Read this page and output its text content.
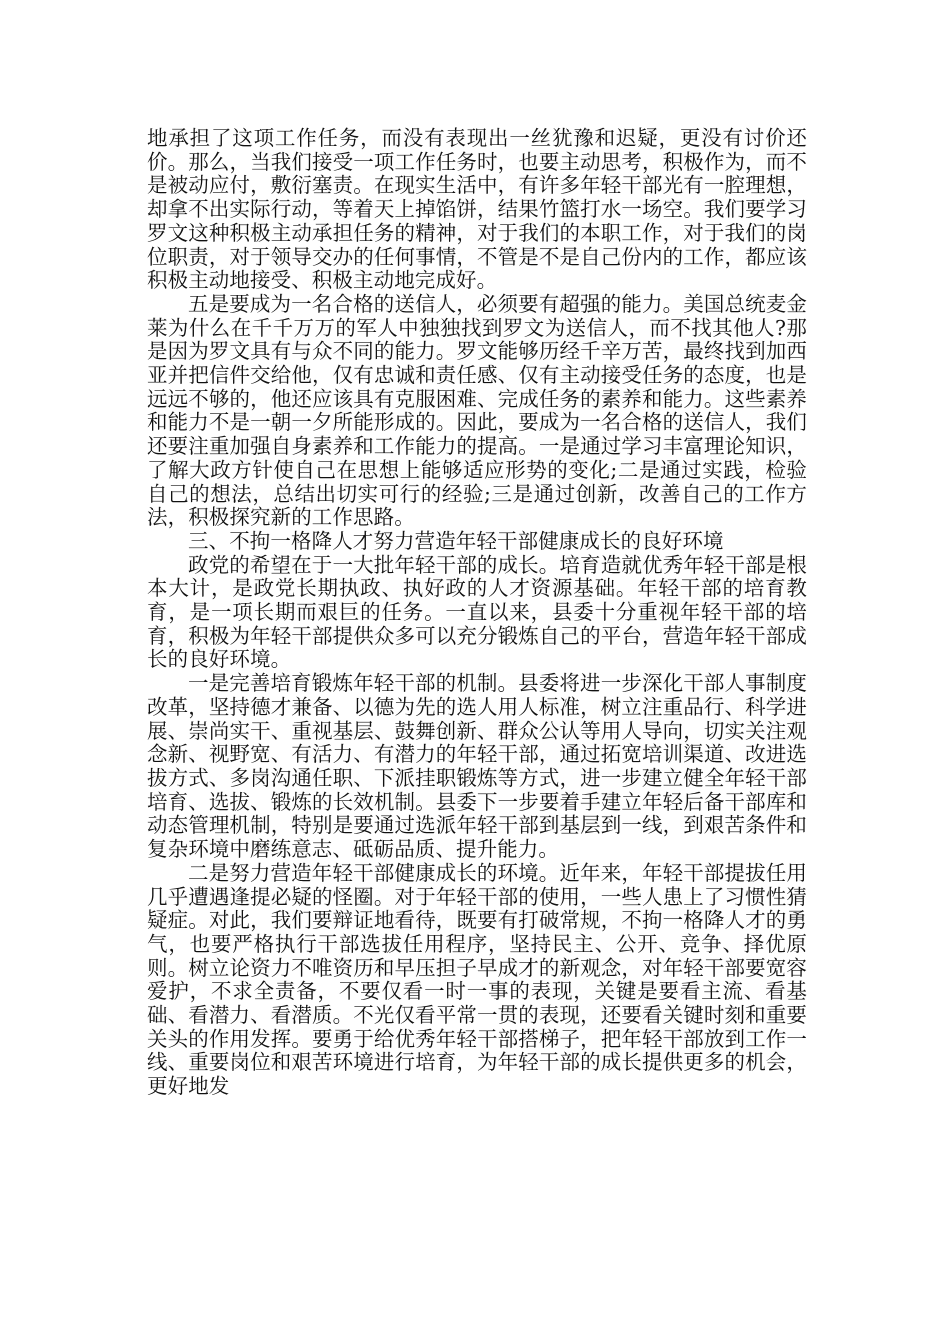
地承担了这项工作任务，而没有表现出一丝犹豫和迟疑，更没有讨价还价。那么，当我们接受一项工作任务时，也要主动思考，积极作为，而不是被动应付，敷衍塞责。在现实生活中，有许多年轻干部光有一腔理想，却拿不出实际行动，等着天上掉馅饼，结果竹篮打水一场空。我们要学习罗文这种积极主动承担任务的精神，对于我们的本职工作，对于我们的岗位职责，对于领导交办的任何事情，不管是不是自己份内的工作，都应该积极主动地接受、积极主动地完成好。

五是要成为一名合格的送信人，必须要有超强的能力。美国总统麦金莱为什么在千千万万的军人中独独找到罗文为送信人，而不找其他人?那是因为罗文具有与众不同的能力。罗文能够历经千辛万苦，最终找到加西亚并把信件交给他，仅有忠诚和责任感、仅有主动接受任务的态度，也是远远不够的，他还应该具有克服困难、完成任务的素养和能力。这些素养和能力不是一朝一夕所能形成的。因此，要成为一名合格的送信人，我们还要注重加强自身素养和工作能力的提高。一是通过学习丰富理论知识，了解大政方针使自己在思想上能够适应形势的变化;二是通过实践，检验自己的想法，总结出切实可行的经验;三是通过创新，改善自己的工作方法，积极探究新的工作思路。

三、不拘一格降人才努力营造年轻干部健康成长的良好环境

政党的希望在于一大批年轻干部的成长。培育造就优秀年轻干部是根本大计，是政党长期执政、执好政的人才资源基础。年轻干部的培育教育，是一项长期而艰巨的任务。一直以来，县委十分重视年轻干部的培育，积极为年轻干部提供众多可以充分锻炼自己的平台，营造年轻干部成长的良好环境。

一是完善培育锻炼年轻干部的机制。县委将进一步深化干部人事制度改革，坚持德才兼备、以德为先的选人用人标准，树立注重品行、科学进展、崇尚实干、重视基层、鼓舞创新、群众公认等用人导向，切实关注观念新、视野宽、有活力、有潜力的年轻干部，通过拓宽培训渠道、改进选拔方式、多岗沟通任职、下派挂职锻炼等方式，进一步建立健全年轻干部培育、选拔、锻炼的长效机制。县委下一步要着手建立年轻后备干部库和动态管理机制，特别是要通过选派年轻干部到基层到一线，到艰苦条件和复杂环境中磨练意志、砥砺品质、提升能力。

二是努力营造年轻干部健康成长的环境。近年来，年轻干部提拔任用几乎遭遇逢提必疑的怪圈。对于年轻干部的使用，一些人患上了习惯性猜疑症。对此，我们要辩证地看待，既要有打破常规，不拘一格降人才的勇气，也要严格执行干部选拔任用程序，坚持民主、公开、竞争、择优原则。树立论资力不唯资历和早压担子早成才的新观念，对年轻干部要宽容爱护，不求全责备，不要仅看一时一事的表现，关键是要看主流、看基础、看潜力、看潜质。不光仅看平常一贯的表现，还要看关键时刻和重要关头的作用发挥。要勇于给优秀年轻干部搭梯子，把年轻干部放到工作一线、重要岗位和艰苦环境进行培育，为年轻干部的成长提供更多的机会，更好地发
